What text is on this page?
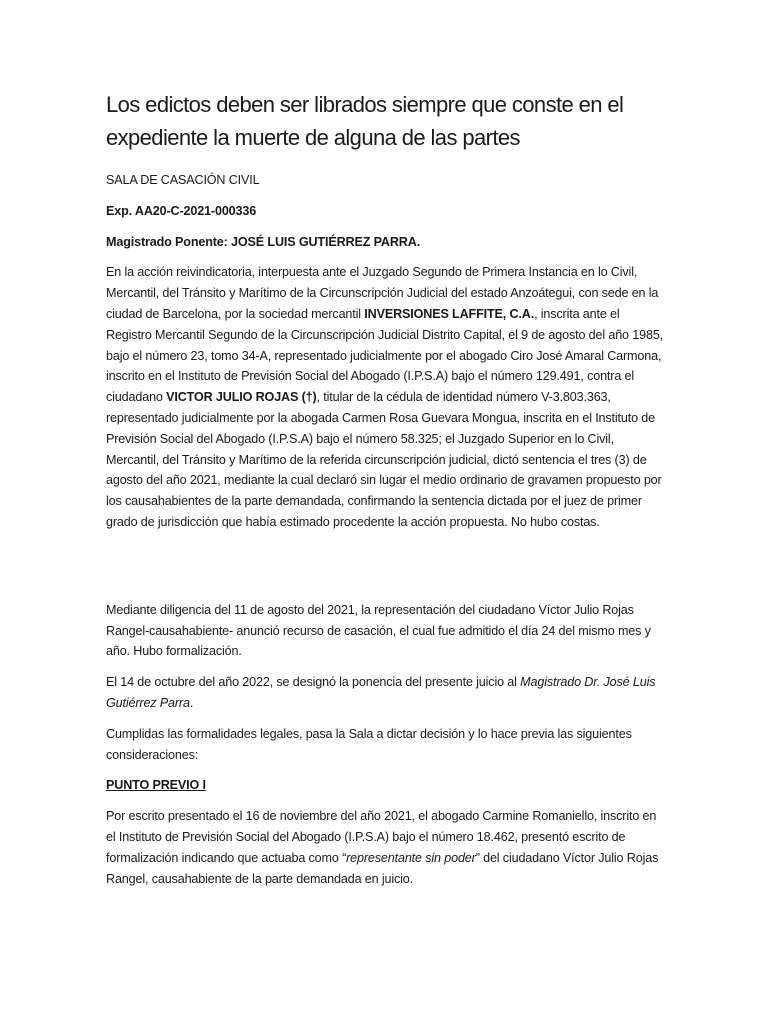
Los edictos deben ser librados siempre que conste en el expediente la muerte de alguna de las partes

SALA DE CASACIÓN CIVIL

Exp. AA20-C-2021-000336

Magistrado Ponente: JOSÉ LUIS GUTIÉRREZ PARRA.

En la acción reivindicatoria, interpuesta ante el Juzgado Segundo de Primera Instancia en lo Civil, Mercantil, del Tránsito y Marítimo de la Circunscripción Judicial del estado Anzoátegui, con sede en la ciudad de Barcelona, por la sociedad mercantil INVERSIONES LAFFITE, C.A., inscrita ante el Registro Mercantil Segundo de la Circunscripción Judicial Distrito Capital, el 9 de agosto del año 1985, bajo el número 23, tomo 34-A, representado judicialmente por el abogado Ciro José Amaral Carmona, inscrito en el Instituto de Previsión Social del Abogado (I.P.S.A) bajo el número 129.491, contra el ciudadano VICTOR JULIO ROJAS (†), titular de la cédula de identidad número V-3.803.363, representado judicialmente por la abogada Carmen Rosa Guevara Mongua, inscrita en el Instituto de Previsión Social del Abogado (I.P.S.A) bajo el número 58.325; el Juzgado Superior en lo Civil, Mercantil, del Tránsito y Marítimo de la referida circunscripción judicial, dictó sentencia el tres (3) de agosto del año 2021, mediante la cual declaró sin lugar el medio ordinario de gravamen propuesto por los causahabientes de la parte demandada, confirmando la sentencia dictada por el juez de primer grado de jurisdicción que había estimado procedente la acción propuesta. No hubo costas.

Mediante diligencia del 11 de agosto del 2021, la representación del ciudadano Víctor Julio Rojas Rangel-causahabiente- anunció recurso de casación, el cual fue admitido el día 24 del mismo mes y año. Hubo formalización.

El 14 de octubre del año 2022, se designó la ponencia del presente juicio al Magistrado Dr. José Luis Gutiérrez Parra.

Cumplidas las formalidades legales, pasa la Sala a dictar decisión y lo hace previa las siguientes consideraciones:

PUNTO PREVIO I

Por escrito presentado el 16 de noviembre del año 2021, el abogado Carmine Romaniello, inscrito en el Instituto de Previsión Social del Abogado (I.P.S.A) bajo el número 18.462, presentó escrito de formalización indicando que actuaba como “representante sin poder” del ciudadano Víctor Julio Rojas Rangel, causahabiente de la parte demandada en juicio.
